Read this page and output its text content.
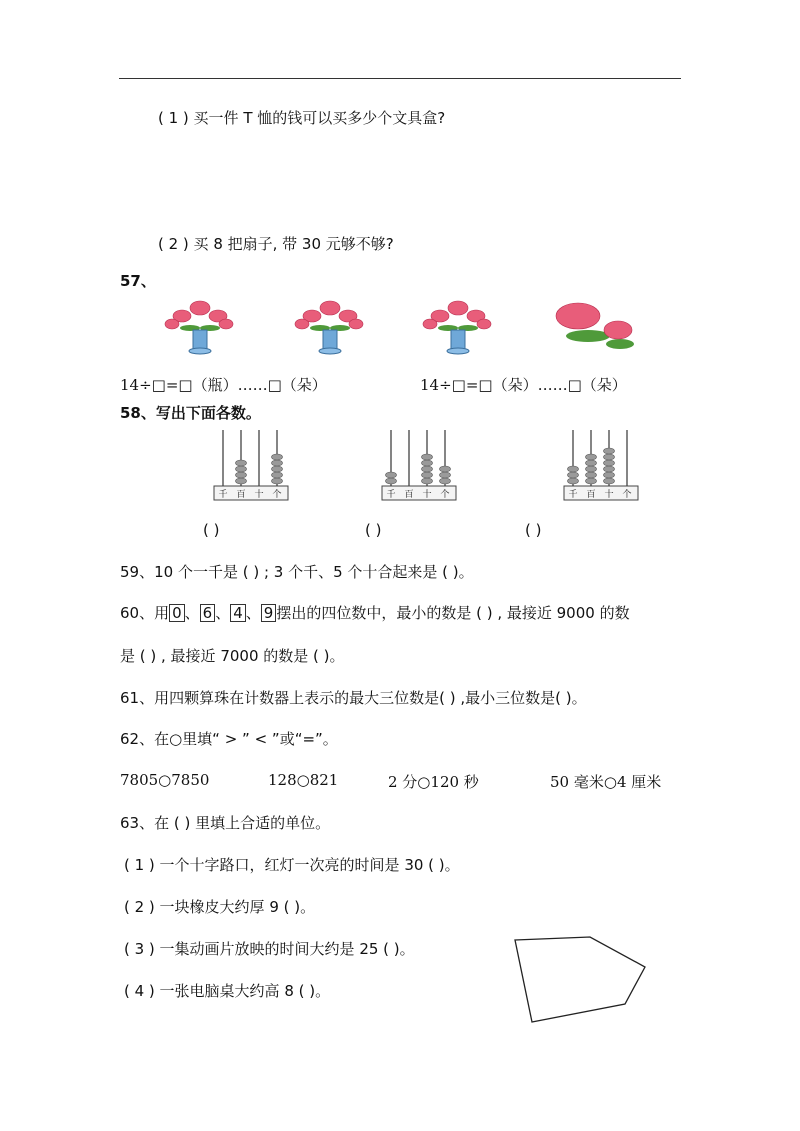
( 1 ) 买一件 T 恤的钱可以买多少个文具盒?
( 2 ) 买 8 把扇子, 带 30 元够不够?
57、
14÷□=□（瓶）……□（朵）	14÷□=□（朵）……□（朵）
58、写出下面各数。
千 百 十 个	千 百 十 个	千 百 十 个
( )	( )	( )
59、10 个一千是 ( ) ; 3 个千、5 个十合起来是 ( )。
60、用 0 、 6 、 4 、 9 摆出的四位数中，最小的数是 ( ) , 最接近 9000 的数
是 ( ) , 最接近 7000 的数是 ( )。
61、用四颗算珠在计数器上表示的最大三位数是( ) ,最小三位数是( )。
62、在○里填“ > ” < ”或“=”。
7805○7850	128○821	2 分○120 秒	50 毫米○4 厘米
63、在 ( ) 里填上合适的单位。
( 1 ) 一个十字路口，红灯一次亮的时间是 30 ( )。
( 2 ) 一块橡皮大约厚 9 ( )。
( 3 ) 一集动画片放映的时间大约是 25 ( )。
( 4 ) 一张电脑桌大约高 8 ( )。
